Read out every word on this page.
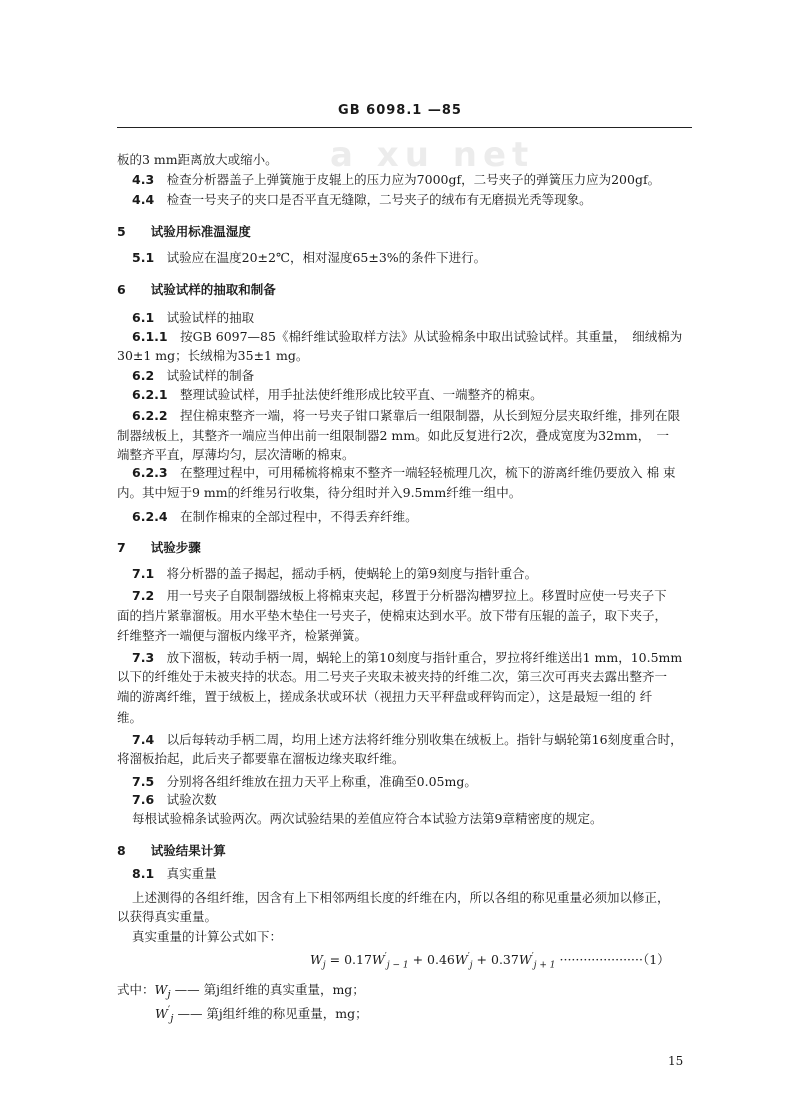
a xu net
GB 6098.1 —85
板的3 mm距离放大或缩小。
4.3  检查分析器盖子上弹簧施于皮辊上的压力应为7000gf，二号夹子的弹簧压力应为200gf。
4.4  检查一号夹子的夹口是否平直无缝隙，二号夹子的绒布有无磨损光秃等现象。
5   试验用标准温湿度
5.1  试验应在温度20±2℃，相对湿度65±3%的条件下进行。
6   试验试样的抽取和制备
6.1  试验试样的抽取
6.1.1  按GB 6097—85《棉纤维试验取样方法》从试验棉条中取出试验试样。其重量，　细绒棉为
30±1 mg；长绒棉为35±1 mg。
6.2  试验试样的制备
6.2.1  整理试验试样，用手扯法使纤维形成比较平直、一端整齐的棉束。
6.2.2  捏住棉束整齐一端，将一号夹子钳口紧靠后一组限制器，从长到短分层夹取纤维，排列在限
制器绒板上，其整齐一端应当伸出前一组限制器2 mm。如此反复进行2次，叠成宽度为32mm，　一
端整齐平直，厚薄均匀，层次清晰的棉束。
6.2.3  在整理过程中，可用稀梳将棉束不整齐一端轻轻梳理几次，梳下的游离纤维仍要放入 棉 束
内。其中短于9 mm的纤维另行收集，待分组时并入9.5mm纤维一组中。
6.2.4  在制作棉束的全部过程中，不得丢弃纤维。
7   试验步骤
7.1  将分析器的盖子揭起，摇动手柄，使蜗轮上的第9刻度与指针重合。
7.2  用一号夹子自限制器绒板上将棉束夹起，移置于分析器沟槽罗拉上。移置时应使一号夹子下
面的挡片紧靠溜板。用水平垫木垫住一号夹子，使棉束达到水平。放下带有压辊的盖子，取下夹子，
纤维整齐一端便与溜板内缘平齐，检紧弹簧。
7.3  放下溜板，转动手柄一周，蜗轮上的第10刻度与指针重合，罗拉将纤维送出1 mm，10.5mm
以下的纤维处于未被夹持的状态。用二号夹子夹取未被夹持的纤维二次，第三次可再夹去露出整齐一
端的游离纤维，置于绒板上，搓成条状或环状（视扭力天平秤盘或秤钩而定），这是最短一组的 纤
维。
7.4  以后每转动手柄二周，均用上述方法将纤维分别收集在绒板上。指针与蜗轮第16刻度重合时，
将溜板抬起，此后夹子都要靠在溜板边缘夹取纤维。
7.5  分别将各组纤维放在扭力天平上称重，准确至0.05mg。
7.6  试验次数
每根试验棉条试验两次。两次试验结果的差值应符合本试验方法第9章精密度的规定。
8   试验结果计算
8.1  真实重量
上述测得的各组纤维，因含有上下相邻两组长度的纤维在内，所以各组的称见重量必须加以修正，
以获得真实重量。
真实重量的计算公式如下：
$W_j = 0.17W'_{j - 1} + 0.46W'_j + 0.37W'_{j + 1} \cdot\cdot\cdot\cdot\cdot\cdot\cdot\cdot\cdot\cdot\cdot\cdot\cdot\cdot\cdot\cdot\cdot\cdot\cdot\cdot\cdot(1)$
式中：$W_j$ —— 第j组纤维的真实重量，mg；
$W'_j$ —— 第j组纤维的称见重量，mg；
15
